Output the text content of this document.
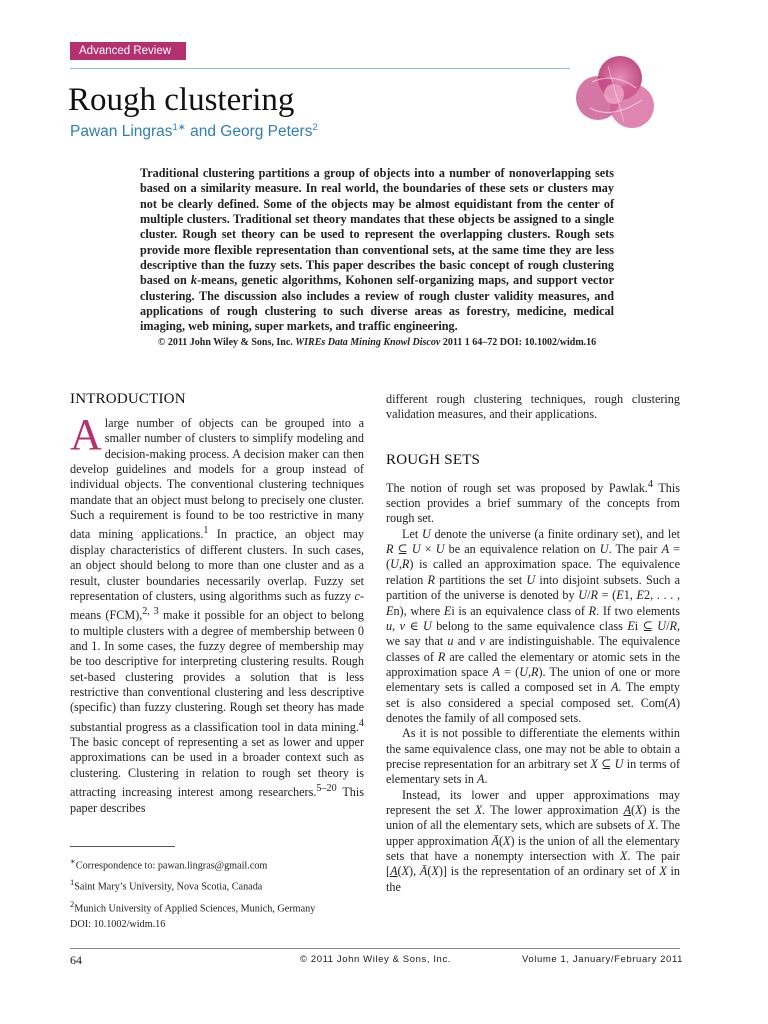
Advanced Review
Rough clustering
Pawan Lingras$^{1∗}$ and Georg Peters$^2$

Traditional clustering partitions a group of objects into a number of nonoverlapping sets based on a similarity measure. In real world, the boundaries of these sets or clusters may not be clearly defined. Some of the objects may be almost equidistant from the center of multiple clusters. Traditional set theory mandates that these objects be assigned to a single cluster. Rough set theory can be used to represent the overlapping clusters. Rough sets provide more flexible representation than conventional sets, at the same time they are less descriptive than the fuzzy sets. This paper describes the basic concept of rough clustering based on k-means, genetic algorithms, Kohonen self-organizing maps, and support vector clustering. The discussion also includes a review of rough cluster validity measures, and applications of rough clustering to such diverse areas as forestry, medicine, medical imaging, web mining, super markets, and traffic engineering.

© 2011 John Wiley & Sons, Inc. WIREs Data Mining Knowl Discov 2011 1 64–72 DOI: 10.1002/widm.16
INTRODUCTION

Alarge number of objects can be grouped into a smaller number of clusters to simplify modeling and decision-making process. A decision maker can then develop guidelines and models for a group instead of individual objects. The conventional clustering techniques mandate that an object must belong to precisely one cluster. Such a requirement is found to be too restrictive in many data mining applications.$^1$ In practice, an object may display characteristics of different clusters. In such cases, an object should belong to more than one cluster and as a result, cluster boundaries necessarily overlap. Fuzzy set representation of clusters, using algorithms such as fuzzy c-means (FCM),$^{2, 3}$ make it possible for an object to belong to multiple clusters with a degree of membership between 0 and 1. In some cases, the fuzzy degree of membership may be too descriptive for interpreting clustering results. Rough set-based clustering provides a solution that is less restrictive than conventional clustering and less descriptive (specific) than fuzzy clustering. Rough set theory has made substantial progress as a classification tool in data mining.$^4$ The basic concept of representing a set as lower and upper approximations can be used in a broader context such as clustering. Clustering in relation to rough set theory is attracting increasing interest among researchers.$^{5-20}$ This paper describes

different rough clustering techniques, rough clustering validation measures, and their applications.

ROUGH SETS

The notion of rough set was proposed by Pawlak.$^4$ This section provides a brief summary of the concepts from rough set.

Let U denote the universe (a finite ordinary set), and let R ⊆ U × U be an equivalence relation on U. The pair A = (U,R) is called an approximation space. The equivalence relation R partitions the set U into disjoint subsets. Such a partition of the universe is denoted by U/R = (E1, E2, . . . , En), where Ei is an equivalence class of R. If two elements u, v ∈ U belong to the same equivalence class Ei ⊆ U/R, we say that u and v are indistinguishable. The equivalence classes of R are called the elementary or atomic sets in the approximation space A = (U,R). The union of one or more elementary sets is called a composed set in A. The empty set is also considered a special composed set. Com(A) denotes the family of all composed sets.

As it is not possible to differentiate the elements within the same equivalence class, one may not be able to obtain a precise representation for an arbitrary set X ⊆ U in terms of elementary sets in A.

Instead, its lower and upper approximations may represent the set X. The lower approximation A(X) is the union of all the elementary sets, which are subsets of X. The upper approximation Ā(X) is the union of all the elementary sets that have a nonempty intersection with X. The pair [A(X), Ā(X)] is the representation of an ordinary set of X in the

∗Correspondence to: pawan.lingras@gmail.com
$^1$Saint Mary’s University, Nova Scotia, Canada
$^2$Munich University of Applied Sciences, Munich, Germany
DOI: 10.1002/widm.16
64	© 2011 John Wiley & Sons, Inc.	Volume 1, January/February 2011
